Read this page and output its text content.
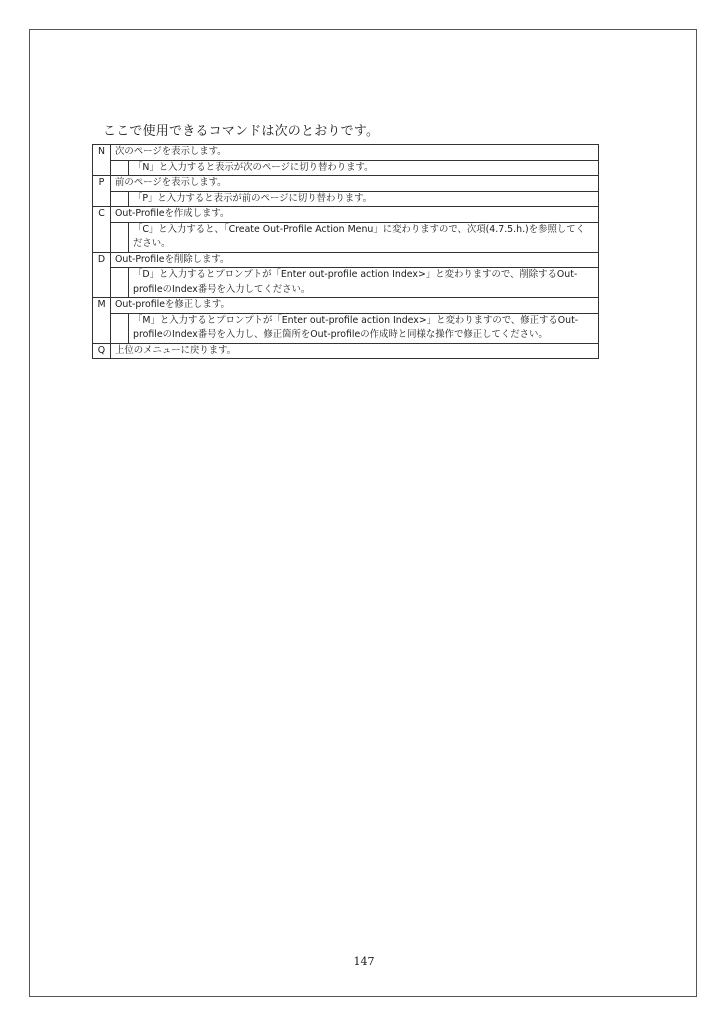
ここで使用できるコマンドは次のとおりです。
N	次のページを表示します。	
		「N」と入力すると表示が次のページに切り替わります。
P	前のページを表示します。	
		「P」と入力すると表示が前のページに切り替わります。
C	Out-Profileを作成します。	
		「C」と入力すると、「Create Out-Profile Action Menu」に変わりますので、次項(4.7.5.h.)を参照してください。
D	Out-Profileを削除します。	
		「D」と入力するとプロンプトが「Enter out-profile action Index>」と変わりますので、削除するOut-profileのIndex番号を入力してください。
M	Out-profileを修正します。	
		「M」と入力するとプロンプトが「Enter out-profile action Index>」と変わりますので、修正するOut-profileのIndex番号を入力し、修正箇所をOut-profileの作成時と同様な操作で修正してください。
Q	上位のメニューに戻ります。	
147
